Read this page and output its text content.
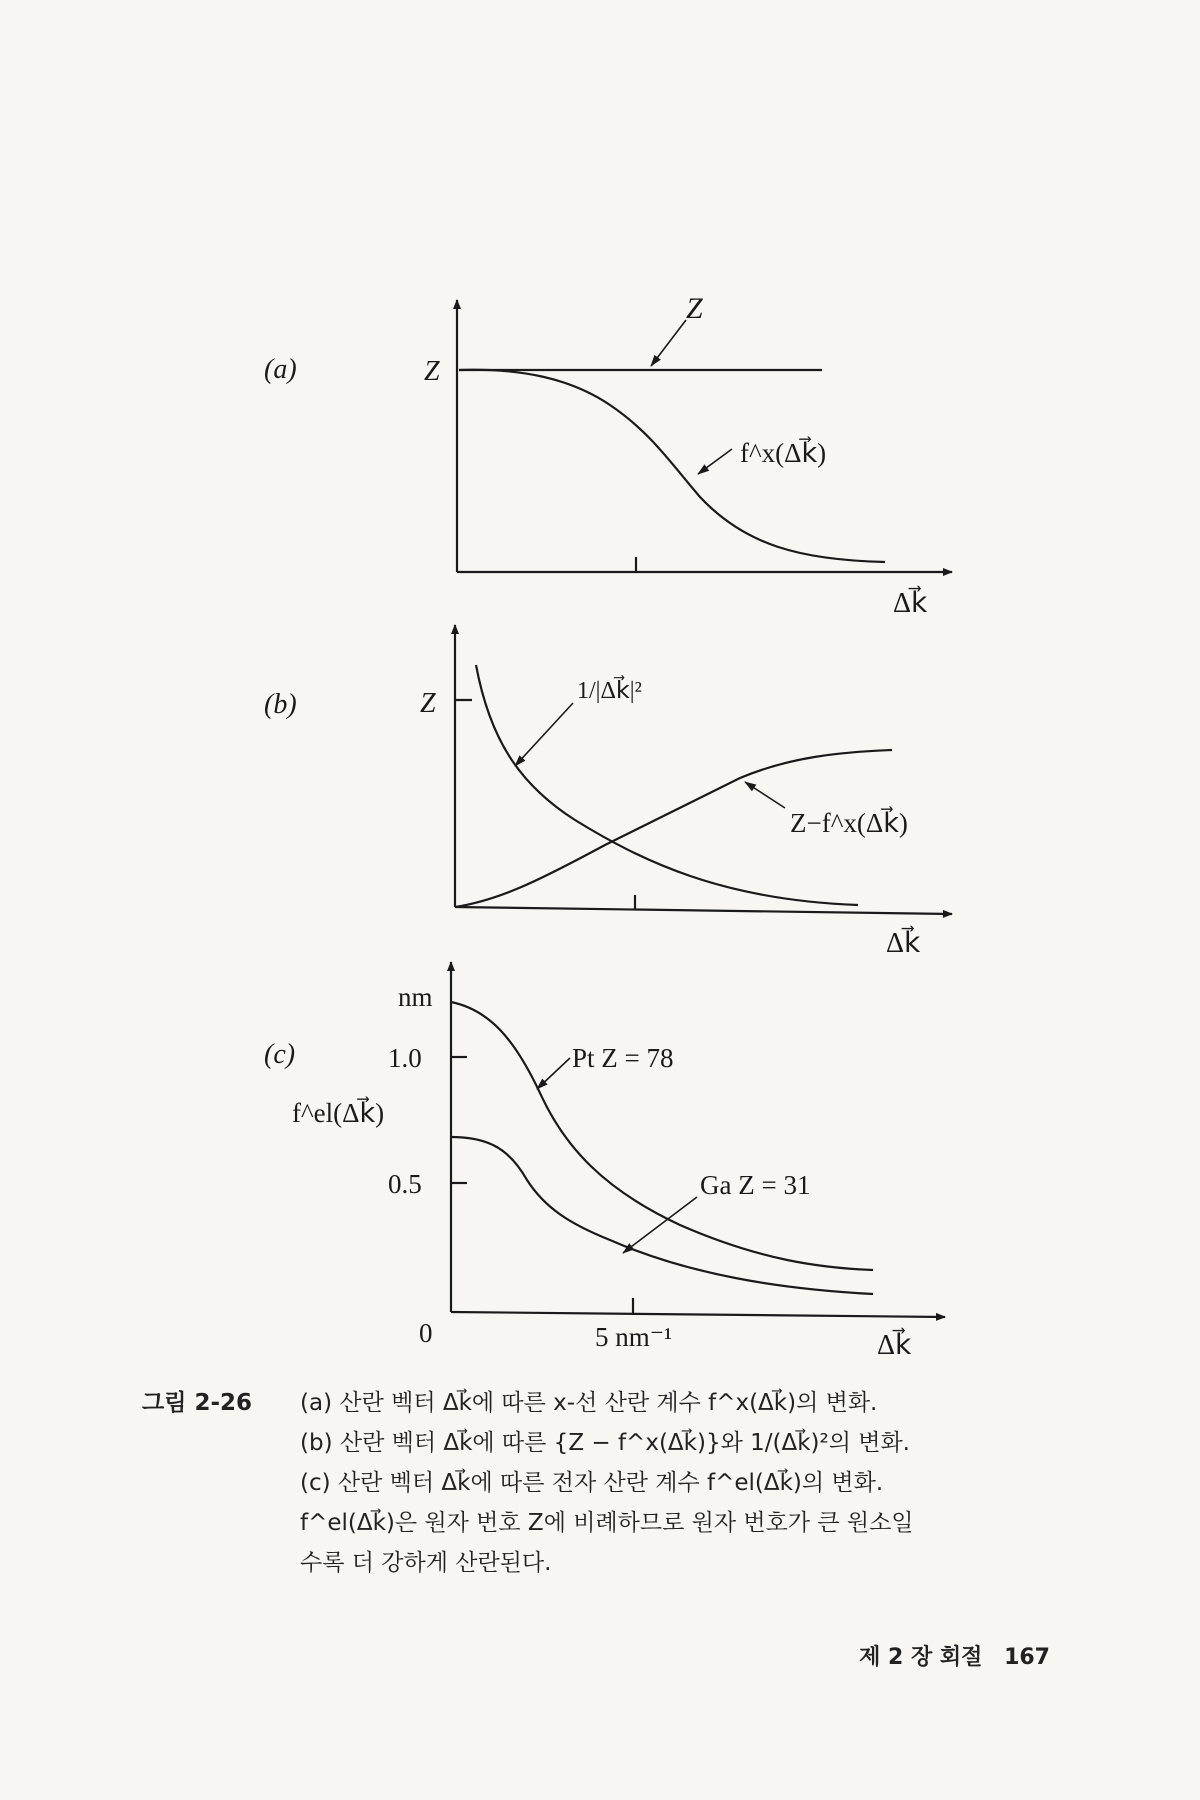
(a)	Z
Δk⃗
Z
f^x(Δk⃗)
(b)	Z
Δk⃗
1/|Δk⃗|²
Z−f^x(Δk⃗)
(c)
nm
1.0
0.5
0
f^el(Δk⃗)
5 nm⁻¹	Δk⃗
Pt Z = 78
Ga Z = 31
그림 2-26 (a) 산란 벡터 Δk⃗에 따른 x-선 산란 계수 f^x(Δk⃗)의 변화.
(b) 산란 벡터 Δk⃗에 따른 {Z − f^x(Δk⃗)}와 1/(Δk⃗)²의 변화.
(c) 산란 벡터 Δk⃗에 따른 전자 산란 계수 f^el(Δk⃗)의 변화.
f^el(Δk⃗)은 원자 번호 Z에 비례하므로 원자 번호가 큰 원소일
수록 더 강하게 산란된다.
제 2 장 회절 167
